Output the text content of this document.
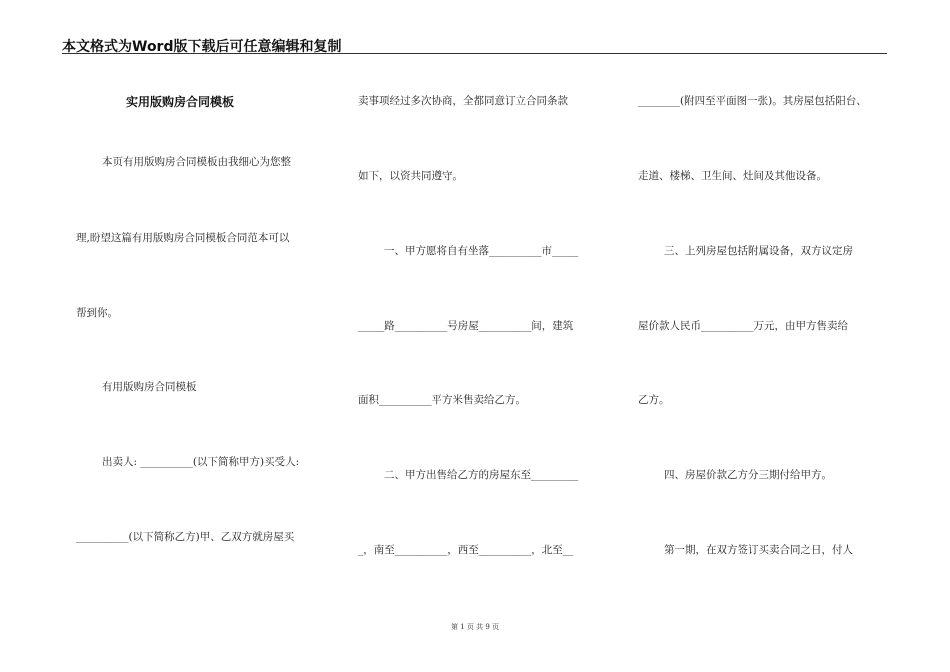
本文格式为Word版下载后可任意编辑和复制
实用版购房合同模板
本页有用版购房合同模板由我细心为您整
理,盼望这篇有用版购房合同模板合同范本可以
帮到你。
有用版购房合同模板
出卖人: __________(以下简称甲方)买受人:
__________(以下简称乙方)甲、乙双方就房屋买
卖事项经过多次协商，全都同意订立合同条款
如下，以资共同遵守。
一、甲方愿将自有坐落__________市_____
_____路__________号房屋__________间，建筑
面积__________平方米售卖给乙方。
二、甲方出售给乙方的房屋东至_________
_，南至__________，西至__________，北至__
________(附四至平面图一张)。其房屋包括阳台、
走道、楼梯、卫生间、灶间及其他设备。
三、上列房屋包括附属设备，双方议定房
屋价款人民币__________万元，由甲方售卖给
乙方。
四、房屋价款乙方分三期付给甲方。
第一期，在双方签订买卖合同之日，付人
第 1 页 共 9 页
